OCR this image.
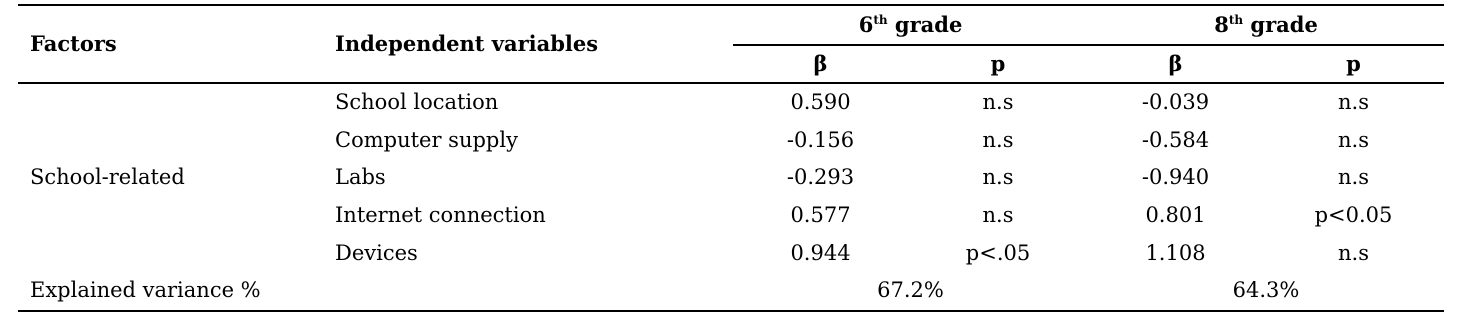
Factors	Independent variables	6th grade		8th grade	
		β	p	β	p
School-related	School location	0.590	n.s	-0.039	n.s
	Computer supply	-0.156	n.s	-0.584	n.s
	Labs	-0.293	n.s	-0.940	n.s
	Internet connection	0.577	n.s	0.801	p<0.05
	Devices	0.944	p<.05	1.108	n.s
Explained variance %		67.2%		64.3%	
